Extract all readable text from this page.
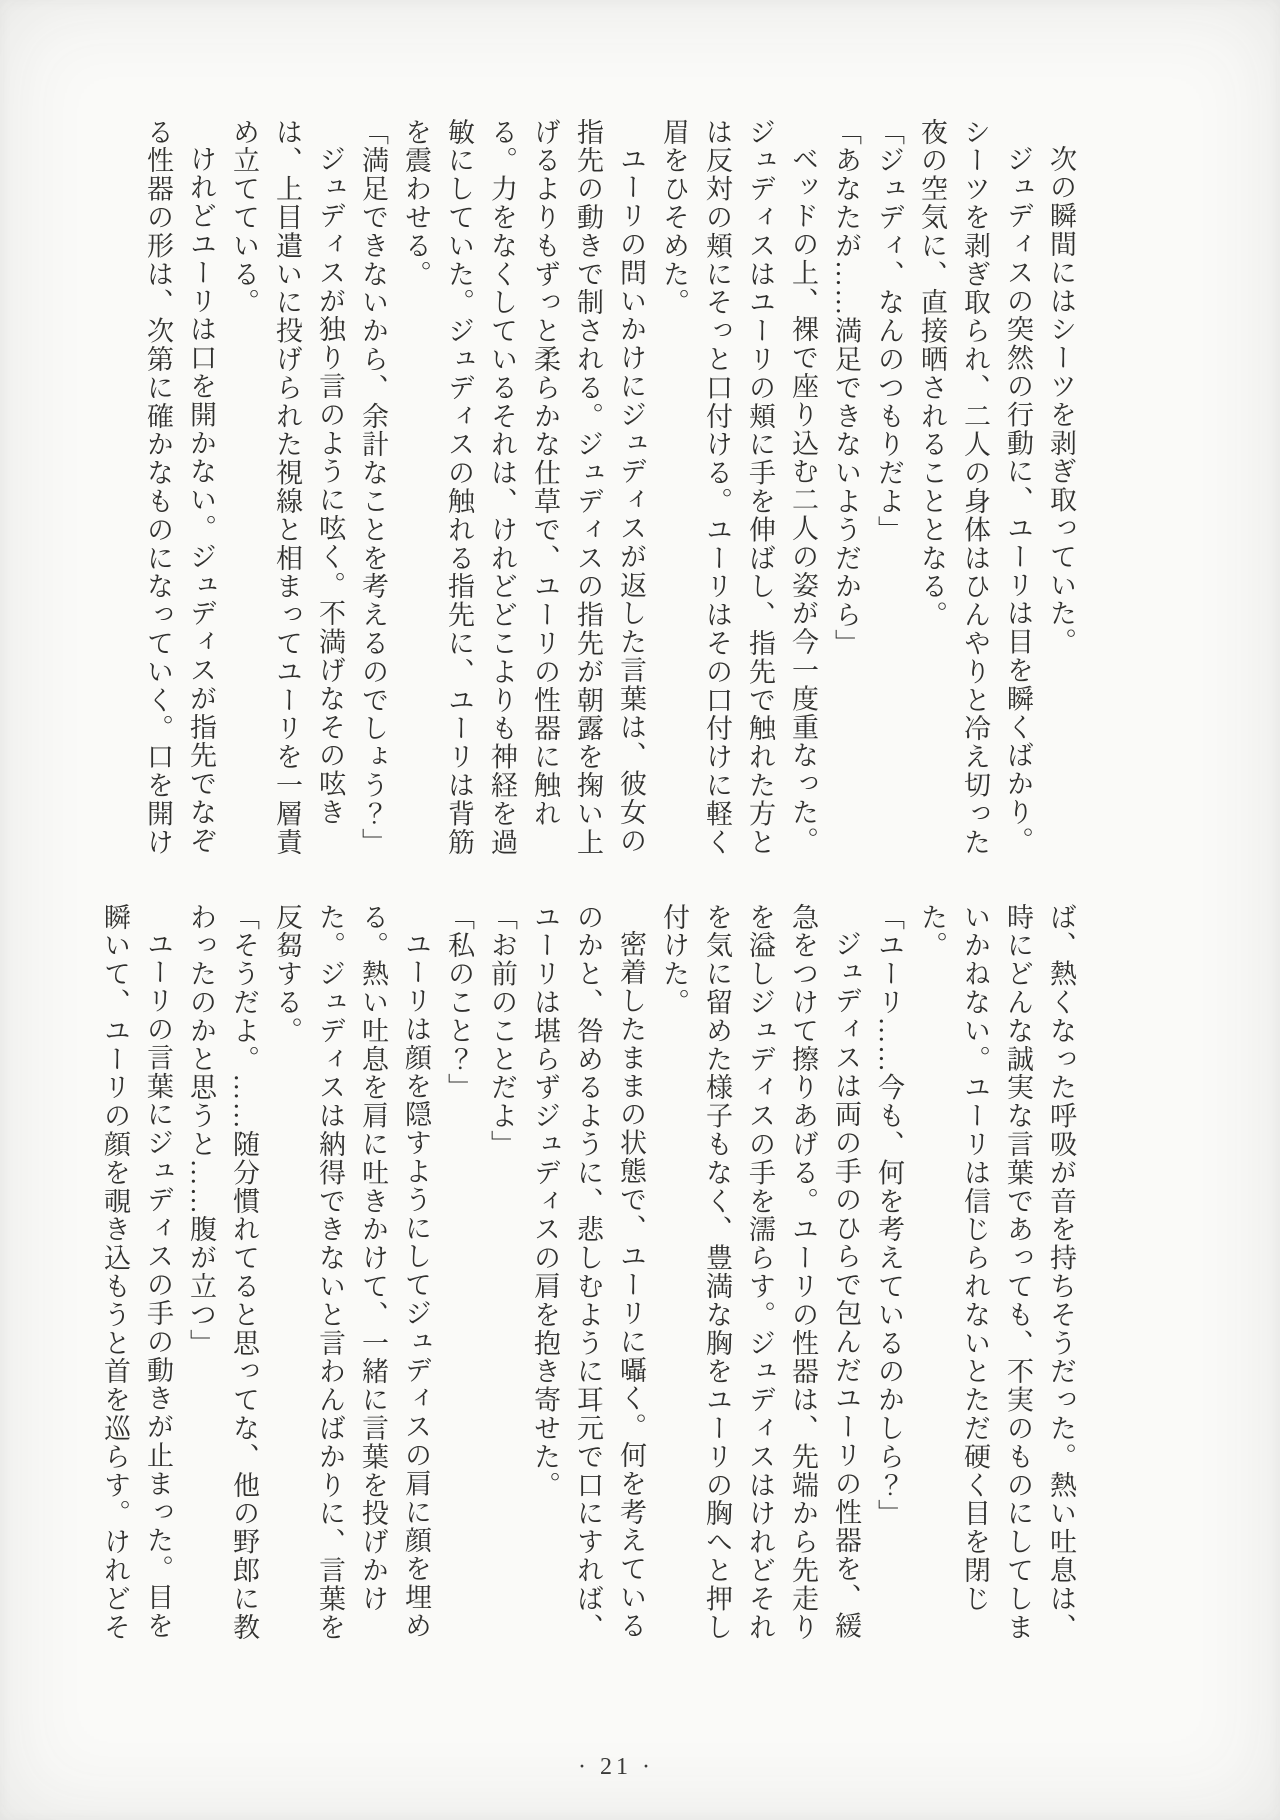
次の瞬間にはシーツを剥ぎ取っていた。

ジュディスの突然の行動に、ユーリは目を瞬くばかり。シーツを剥ぎ取られ、二人の身体はひんやりと冷え切った夜の空気に、直接晒されることとなる。

「ジュディ、なんのつもりだよ」

「あなたが……満足できないようだから」

ベッドの上、裸で座り込む二人の姿が今一度重なった。ジュディスはユーリの頬に手を伸ばし、指先で触れた方とは反対の頬にそっと口付ける。ユーリはその口付けに軽く眉をひそめた。

ユーリの問いかけにジュディスが返した言葉は、彼女の指先の動きで制される。ジュディスの指先が朝露を掬い上げるよりもずっと柔らかな仕草で、ユーリの性器に触れる。力をなくしているそれは、けれどどこよりも神経を過敏にしていた。ジュディスの触れる指先に、ユーリは背筋を震わせる。

「満足できないから、余計なことを考えるのでしょう？」

ジュディスが独り言のように呟く。不満げなその呟きは、上目遣いに投げられた視線と相まってユーリを一層責め立てている。

けれどユーリは口を開かない。ジュディスが指先でなぞる性器の形は、次第に確かなものになっていく。口を開け

ば、熱くなった呼吸が音を持ちそうだった。熱い吐息は、時にどんな誠実な言葉であっても、不実のものにしてしまいかねない。ユーリは信じられないとただ硬く目を閉じた。

「ユーリ……今も、何を考えているのかしら？」

ジュディスは両の手のひらで包んだユーリの性器を、緩急をつけて擦りあげる。ユーリの性器は、先端から先走りを溢しジュディスの手を濡らす。ジュディスはけれどそれを気に留めた様子もなく、豊満な胸をユーリの胸へと押し付けた。

密着したままの状態で、ユーリに囁く。何を考えているのかと、咎めるように、悲しむように耳元で口にすれば、ユーリは堪らずジュディスの肩を抱き寄せた。

「お前のことだよ」

「私のこと？」

ユーリは顔を隠すようにしてジュディスの肩に顔を埋める。熱い吐息を肩に吐きかけて、一緒に言葉を投げかけた。ジュディスは納得できないと言わんばかりに、言葉を反芻する。

「そうだよ。……随分慣れてると思ってな、他の野郎に教わったのかと思うと……腹が立つ」

ユーリの言葉にジュディスの手の動きが止まった。目を瞬いて、ユーリの顔を覗き込もうと首を巡らす。けれどそ

· 21 ·
